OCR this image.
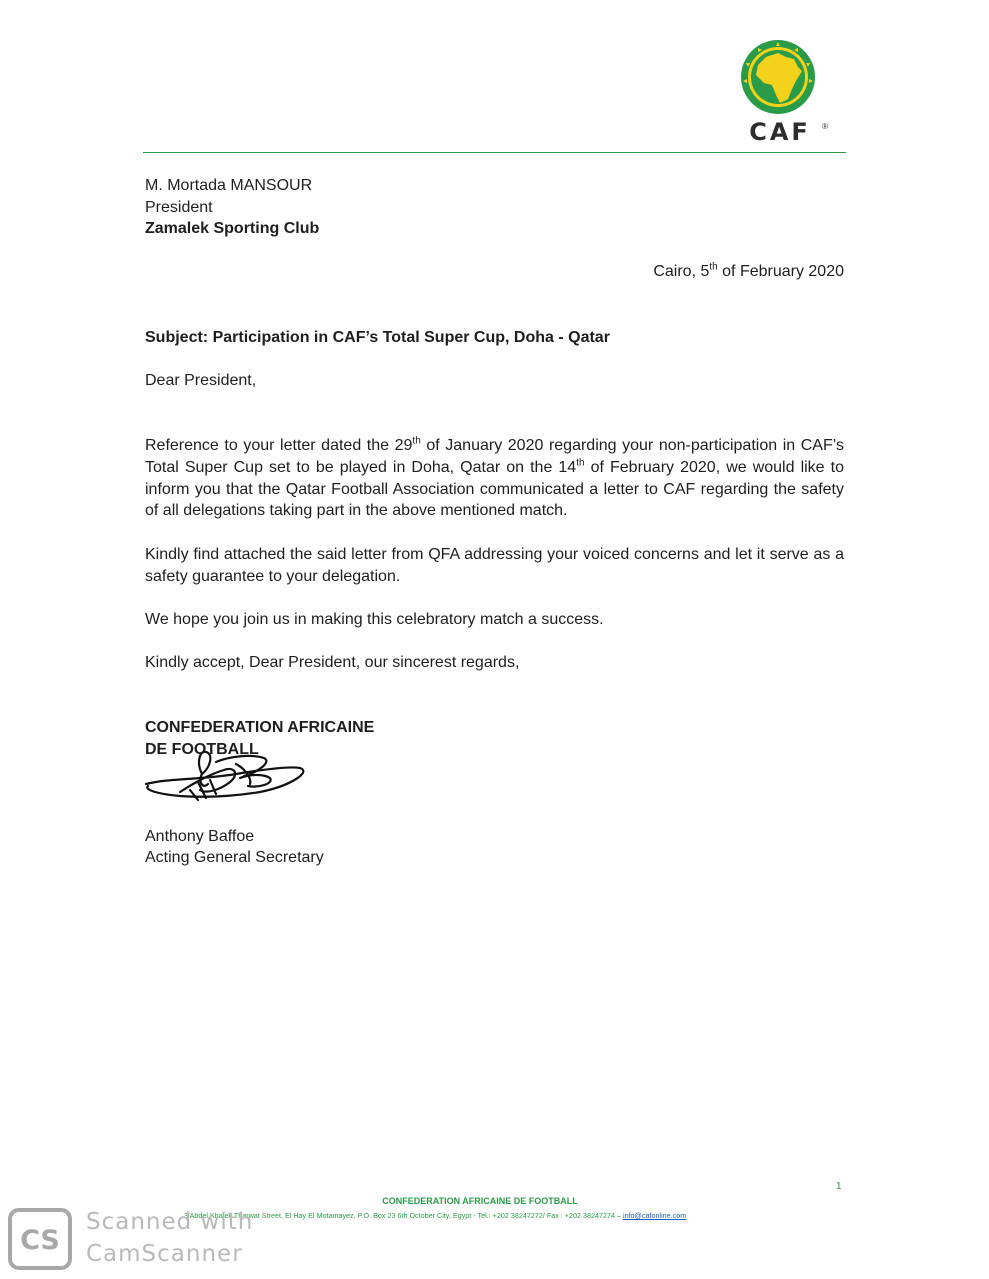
CAF	®
M. Mortada MANSOUR
President
Zamalek Sporting Club
Cairo, 5th of February 2020
Subject: Participation in CAF’s Total Super Cup, Doha - Qatar
Dear President,
Reference to your letter dated the 29th of January 2020 regarding your non-participation in CAF’s Total Super Cup set to be played in Doha, Qatar on the 14th of February 2020, we would like to inform you that the Qatar Football Association communicated a letter to CAF regarding the safety of all delegations taking part in the above mentioned match.
Kindly find attached the said letter from QFA addressing your voiced concerns and let it serve as a safety guarantee to your delegation.
We hope you join us in making this celebratory match a success.
Kindly accept, Dear President, our sincerest regards,
CONFEDERATION AFRICAINE
DE FOOTBALL
Anthony Baffoe
Acting General Secretary
1
CONFEDERATION AFRICAINE DE FOOTBALL
3 Abdel Khalek Tharwat Street, El Hay El Motamayez, P.O. Box 23 6th October City, Egypt - Tel.: +202 38247272/ Fax : +202 38247274 – info@cafonline.com
CS
Scanned with
CamScanner
